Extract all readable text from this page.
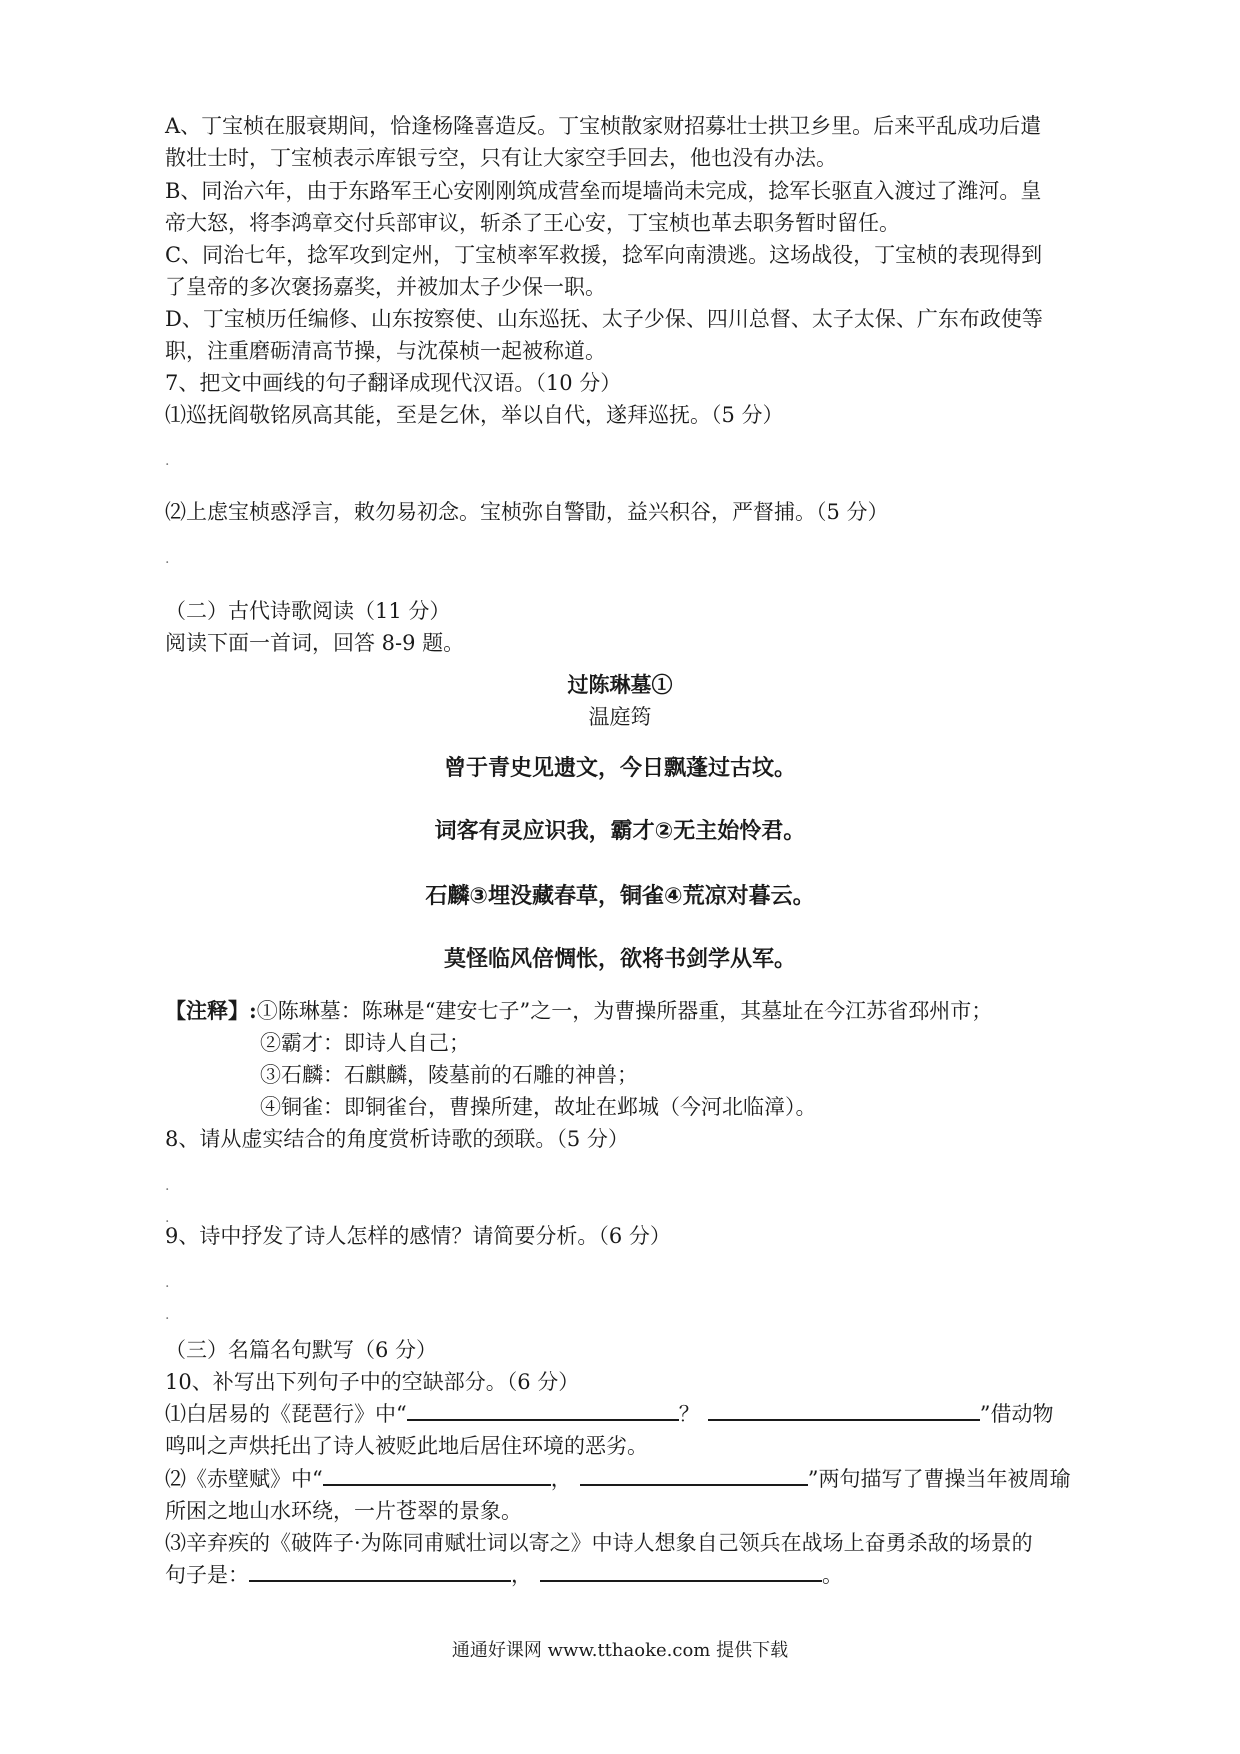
A、丁宝桢在服衰期间，恰逢杨隆喜造反。丁宝桢散家财招募壮士拱卫乡里。后来平乱成功后遣
散壮士时，丁宝桢表示库银亏空，只有让大家空手回去，他也没有办法。
B、同治六年，由于东路军王心安刚刚筑成营垒而堤墙尚未完成，捻军长驱直入渡过了潍河。皇
帝大怒，将李鸿章交付兵部审议，斩杀了王心安，丁宝桢也革去职务暂时留任。
C、同治七年，捻军攻到定州，丁宝桢率军救援，捻军向南溃逃。这场战役，丁宝桢的表现得到
了皇帝的多次褒扬嘉奖，并被加太子少保一职。
D、丁宝桢历任编修、山东按察使、山东巡抚、太子少保、四川总督、太子太保、广东布政使等
职，注重磨砺清高节操，与沈葆桢一起被称道。
7、把文中画线的句子翻译成现代汉语。（10 分）
⑴巡抚阎敬铭夙高其能，至是乞休，举以自代，遂拜巡抚。（5 分）
.
⑵上虑宝桢惑浮言，敕勿易初念。宝桢弥自警勖，益兴积谷，严督捕。（5 分）
.
（二）古代诗歌阅读（11 分）
阅读下面一首词，回答 8-9 题。
过陈琳墓①
温庭筠
曾于青史见遗文，今日飘蓬过古坟。
词客有灵应识我，霸才②无主始怜君。
石麟③埋没藏春草，铜雀④荒凉对暮云。
莫怪临风倍惆怅，欲将书剑学从军。
【注释】:①陈琳墓：陈琳是“建安七子”之一，为曹操所器重，其墓址在今江苏省邳州市；
②霸才：即诗人自己；
③石麟：石麒麟，陵墓前的石雕的神兽；
④铜雀：即铜雀台，曹操所建，故址在邺城（今河北临漳）。
8、请从虚实结合的角度赏析诗歌的颈联。（5 分）
.
.
9、诗中抒发了诗人怎样的感情？请简要分析。（6 分）
.
.
（三）名篇名句默写（6 分）
10、补写出下列句子中的空缺部分。（6 分）
⑴白居易的《琵琶行》中“	？	”借动物
鸣叫之声烘托出了诗人被贬此地后居住环境的恶劣。
⑵《赤壁赋》中“	，	”两句描写了曹操当年被周瑜
所困之地山水环绕，一片苍翠的景象。
⑶辛弃疾的《破阵子·为陈同甫赋壮词以寄之》中诗人想象自己领兵在战场上奋勇杀敌的场景的
句子是：	，	。
通通好课网 www.tthaoke.com 提供下载
